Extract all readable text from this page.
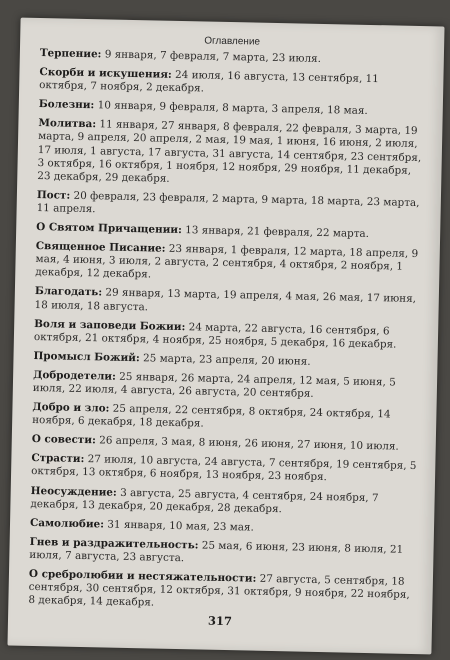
Оглавление

Терпение: 9 января, 7 февраля, 7 марта, 23 июля.

Скорби и искушения: 24 июля, 16 августа, 13 сентября, 11 октября, 7 ноября, 2 декабря.

Болезни: 10 января, 9 февраля, 8 марта, 3 апреля, 18 мая.

Молитва: 11 января, 27 января, 8 февраля, 22 февраля, 3 марта, 19 марта, 9 апреля, 20 апреля, 2 мая, 19 мая, 1 июня, 16 июня, 2 июля, 17 июля, 1 августа, 17 августа, 31 августа, 14 сентября, 23 сентября, 3 октября, 16 октября, 1 ноября, 12 ноября, 29 ноября, 11 декабря, 23 декабря, 29 декабря.

Пост: 20 февраля, 23 февраля, 2 марта, 9 марта, 18 марта, 23 марта, 11 апреля.

О Святом Причащении: 13 января, 21 февраля, 22 марта.

Священное Писание: 23 января, 1 февраля, 12 марта, 18 апреля, 9 мая, 4 июня, 3 июля, 2 августа, 2 сентября, 4 октября, 2 ноября, 1 декабря, 12 декабря.

Благодать: 29 января, 13 марта, 19 апреля, 4 мая, 26 мая, 17 июня, 18 июля, 18 августа.

Воля и заповеди Божии: 24 марта, 22 августа, 16 сентября, 6 октября, 21 октября, 4 ноября, 25 ноября, 5 декабря, 16 декабря.

Промысл Божий: 25 марта, 23 апреля, 20 июня.

Добродетели: 25 января, 26 марта, 24 апреля, 12 мая, 5 июня, 5 июля, 22 июля, 4 августа, 26 августа, 20 сентября.

Добро и зло: 25 апреля, 22 сентября, 8 октября, 24 октября, 14 ноября, 6 декабря, 18 декабря.

О совести: 26 апреля, 3 мая, 8 июня, 26 июня, 27 июня, 10 июля.

Страсти: 27 июля, 10 августа, 24 августа, 7 сентября, 19 сентября, 5 октября, 13 октября, 6 ноября, 13 ноября, 23 ноября.

Неосуждение: 3 августа, 25 августа, 4 сентября, 24 ноября, 7 декабря, 13 декабря, 20 декабря, 28 декабря.

Самолюбие: 31 января, 10 мая, 23 мая.

Гнев и раздражительность: 25 мая, 6 июня, 23 июня, 8 июля, 21 июля, 7 августа, 23 августа.

О сребролюбии и нестяжательности: 27 августа, 5 сентября, 18 сентября, 30 сентября, 12 октября, 31 октября, 9 ноября, 22 ноября, 8 декабря, 14 декабря.

317
